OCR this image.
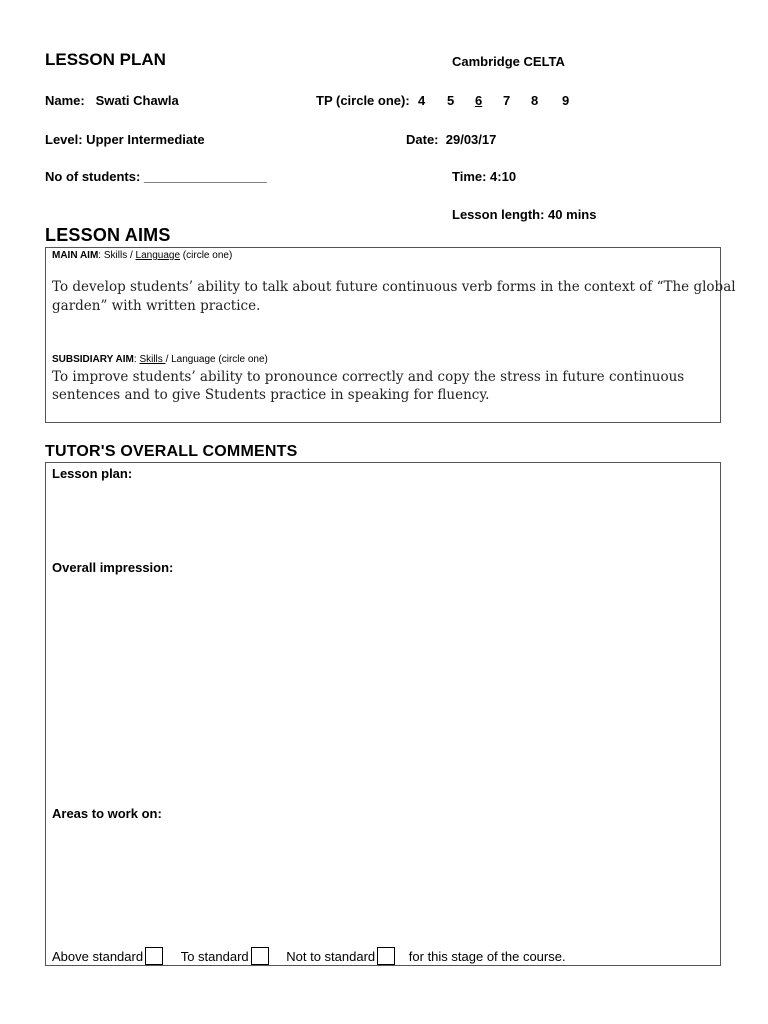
LESSON PLAN	Cambridge CELTA
Name: Swati Chawla	TP (circle one): 4 5 6	7 8 9
Level: Upper Intermediate	Date: 29/03/17
No of students: _________________	Time: 4:10
Lesson length: 40 mins
LESSON AIMS
MAIN AIM: Skills / Language (circle one)
To develop students’ ability to talk about future continuous verb forms in the context of “The global
garden” with written practice.
SUBSIDIARY AIM: Skills / Language (circle one)
To improve students’ ability to pronounce correctly and copy the stress in future continuous
sentences and to give Students practice in speaking for fluency.
TUTOR'S OVERALL COMMENTS
Lesson plan:
Overall impression:
Areas to work on:
Above standard	To standard	Not to standard	for this stage of the course.
